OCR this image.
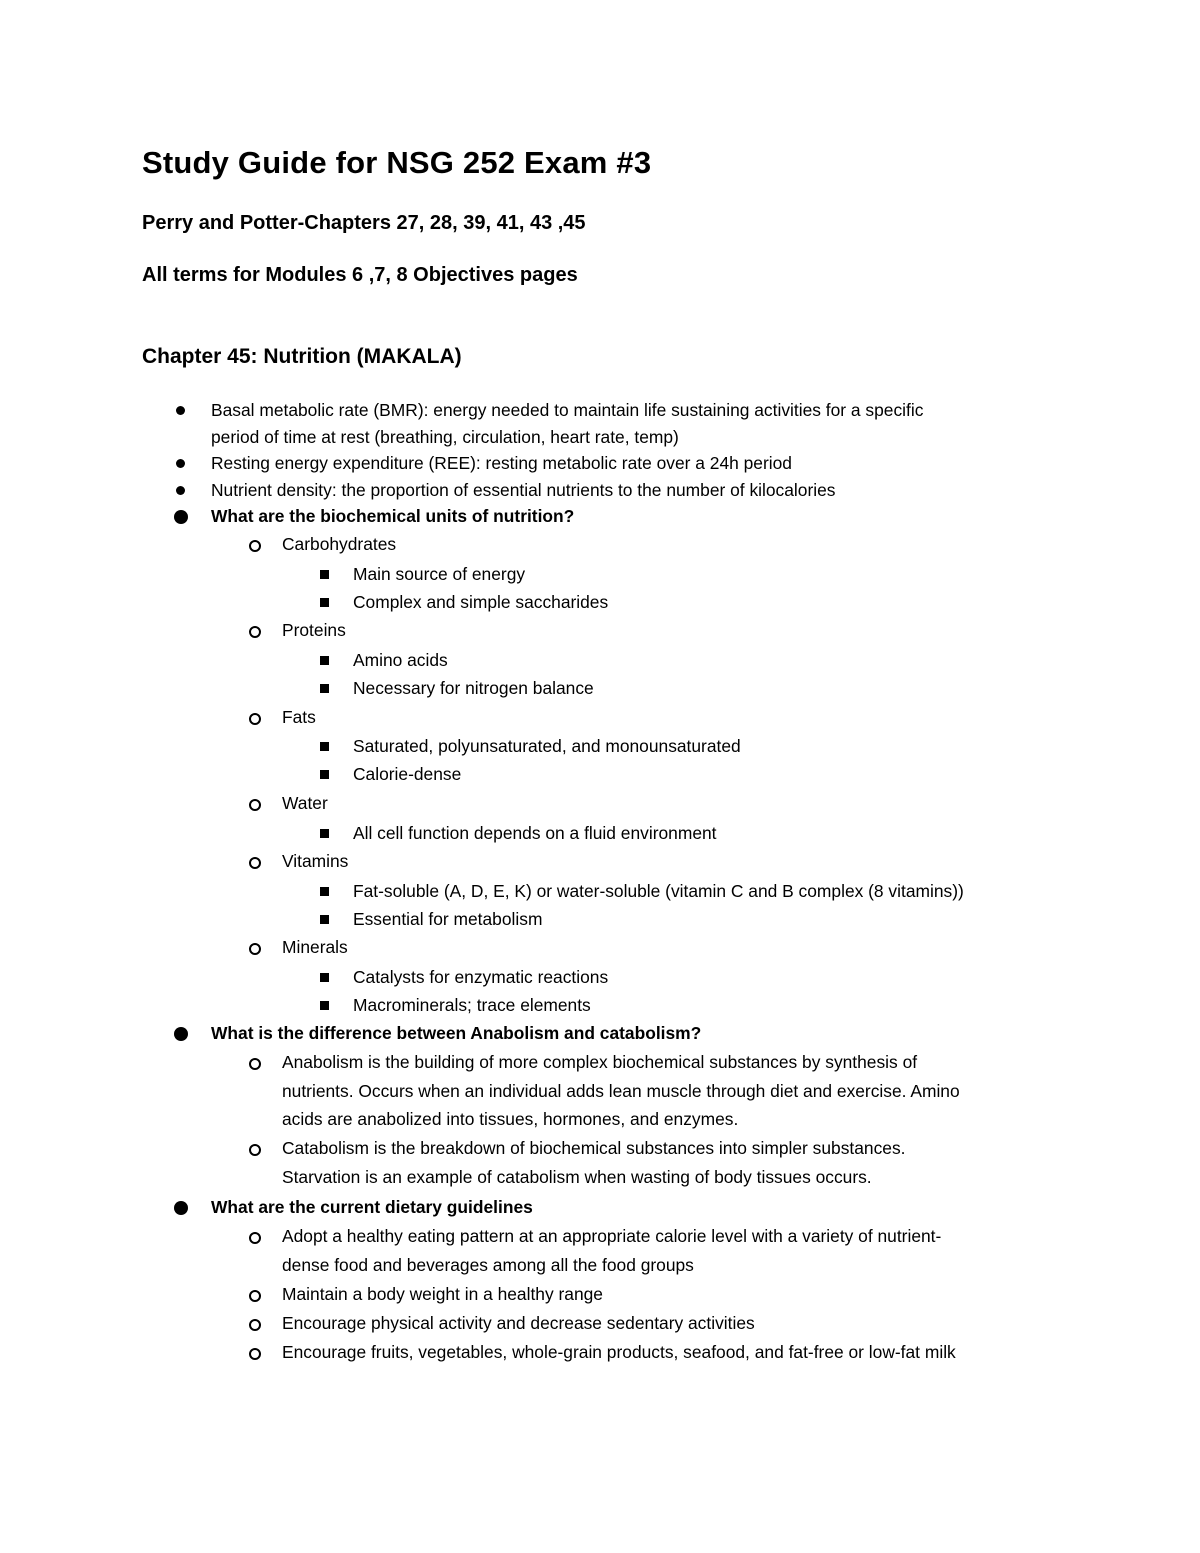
Study Guide for NSG 252 Exam #3
Perry and Potter-Chapters 27, 28, 39, 41, 43 ,45
All terms for Modules 6 ,7, 8 Objectives pages
Chapter 45: Nutrition (MAKALA)
Basal metabolic rate (BMR): energy needed to maintain life sustaining activities for a specific
period of time at rest (breathing, circulation, heart rate, temp)
Resting energy expenditure (REE): resting metabolic rate over a 24h period
Nutrient density: the proportion of essential nutrients to the number of kilocalories
What are the biochemical units of nutrition?
Carbohydrates
Main source of energy
Complex and simple saccharides
Proteins
Amino acids
Necessary for nitrogen balance
Fats
Saturated, polyunsaturated, and monounsaturated
Calorie-dense
Water
All cell function depends on a fluid environment
Vitamins
Fat-soluble (A, D, E, K) or water-soluble (vitamin C and B complex (8 vitamins))
Essential for metabolism
Minerals
Catalysts for enzymatic reactions
Macrominerals; trace elements
What is the difference between Anabolism and catabolism?
Anabolism is the building of more complex biochemical substances by synthesis of
nutrients. Occurs when an individual adds lean muscle through diet and exercise. Amino
acids are anabolized into tissues, hormones, and enzymes.
Catabolism is the breakdown of biochemical substances into simpler substances.
Starvation is an example of catabolism when wasting of body tissues occurs.
What are the current dietary guidelines
Adopt a healthy eating pattern at an appropriate calorie level with a variety of nutrient-
dense food and beverages among all the food groups
Maintain a body weight in a healthy range
Encourage physical activity and decrease sedentary activities
Encourage fruits, vegetables, whole-grain products, seafood, and fat-free or low-fat milk
